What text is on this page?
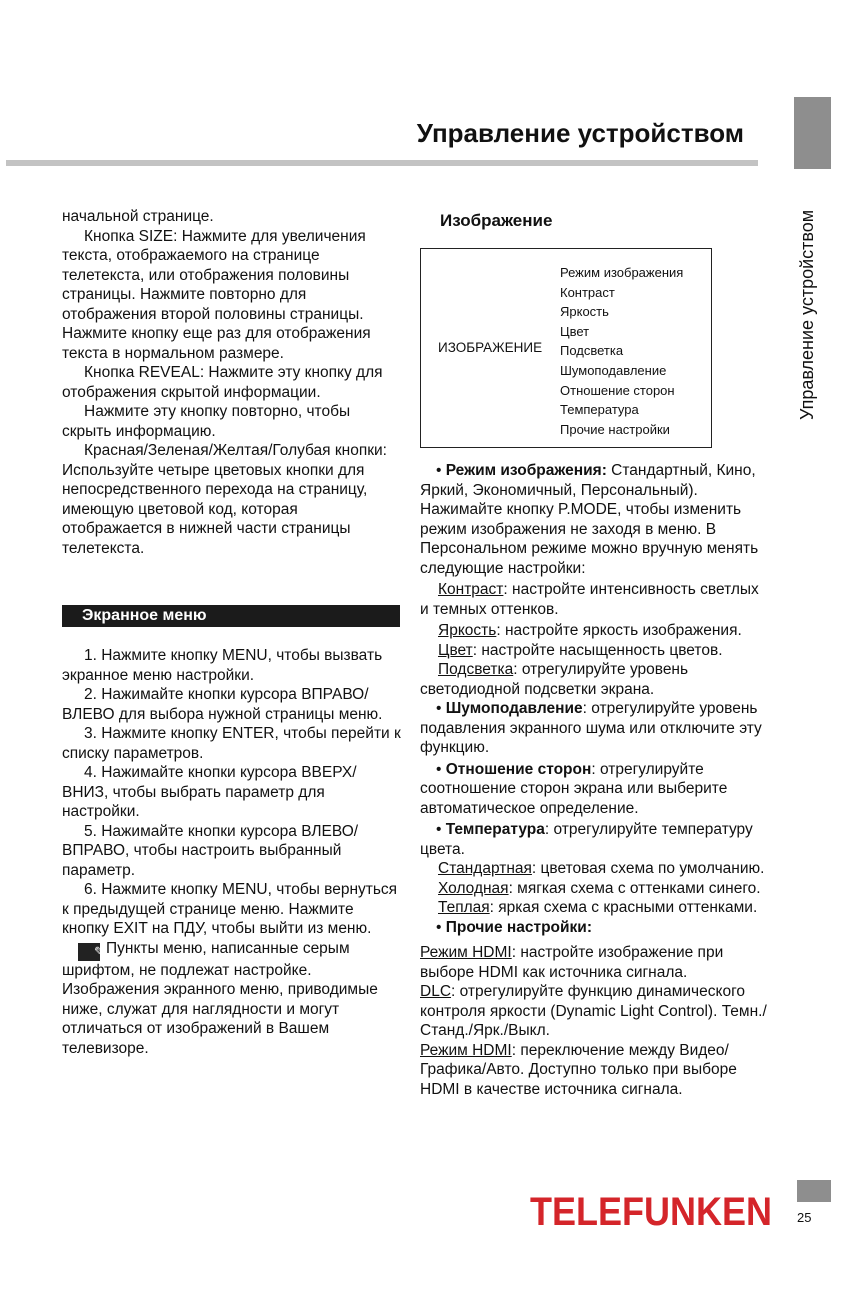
Управление устройством
Управление устройством

начальной странице.

Кнопка SIZE: Нажмите для увеличения текста, отображаемого на странице телетекста, или отображения половины страницы. Нажмите повторно для отображения второй половины страницы. Нажмите кнопку еще раз для отображения текста в нормальном размере.

Кнопка REVEAL: Нажмите эту кнопку для отображения скрытой информации.

Нажмите эту кнопку повторно, чтобы скрыть информацию.

Красная/Зеленая/Желтая/Голубая кнопки: Используйте четыре цветовых кнопки для непосредственного перехода на страницу, имеющую цветовой код, которая отображается в нижней части страницы телетекста.

Экранное меню

1. Нажмите кнопку MENU, чтобы вызвать экранное меню настройки.

2. Нажимайте кнопки курсора ВПРАВО/ ВЛЕВО для выбора нужной страницы меню.

3. Нажмите кнопку ENTER, чтобы перейти к списку параметров.

4. Нажимайте кнопки курсора ВВЕРХ/ ВНИЗ, чтобы выбрать параметр для настройки.

5. Нажимайте кнопки курсора ВЛЕВО/ ВПРАВО, чтобы настроить выбранный параметр.

6. Нажмите кнопку MENU, чтобы вернуться к предыдущей странице меню. Нажмите кнопку EXIT на ПДУ, чтобы выйти из меню.

✎Пункты меню, написанные серым шрифтом, не подлежат настройке. Изображения экранного меню, приводимые ниже, служат для наглядности и могут отличаться от изображений в Вашем телевизоре.

Изображение
ИЗОБРАЖЕНИЕ
Режим изображения
Контраст
Яркость
Цвет
Подсветка
Шумоподавление
Отношение сторон
Температура
Прочие настройки

• Режим изображения: Стандартный, Кино, Яркий, Экономичный, Персональный). Нажимайте кнопку P.MODE, чтобы изменить режим изображения не заходя в меню. В Персональном режиме можно вручную менять следующие настройки:

Контраст: настройте интенсивность светлых и темных оттенков.

Яркость: настройте яркость изображения.

Цвет: настройте насыщенность цветов.

Подсветка: отрегулируйте уровень светодиодной подсветки экрана.

• Шумоподавление: отрегулируйте уровень подавления экранного шума или отключите эту функцию.

• Отношение сторон: отрегулируйте соотношение сторон экрана или выберите автоматическое определение.

• Температура: отрегулируйте температуру цвета.

Стандартная: цветовая схема по умолчанию.

Холодная: мягкая схема с оттенками синего.

Теплая: яркая схема с красными оттенками.

• Прочие настройки:

Режим HDMI: настройте изображение при выборе HDMI как источника сигнала.

DLC: отрегулируйте функцию динамического контроля яркости (Dynamic Light Control). Темн./Станд./Ярк./Выкл.

Режим HDMI: переключение между Видео/ Графика/Авто. Доступно только при выборе HDMI в качестве источника сигнала.

TELEFUNKEN 25
